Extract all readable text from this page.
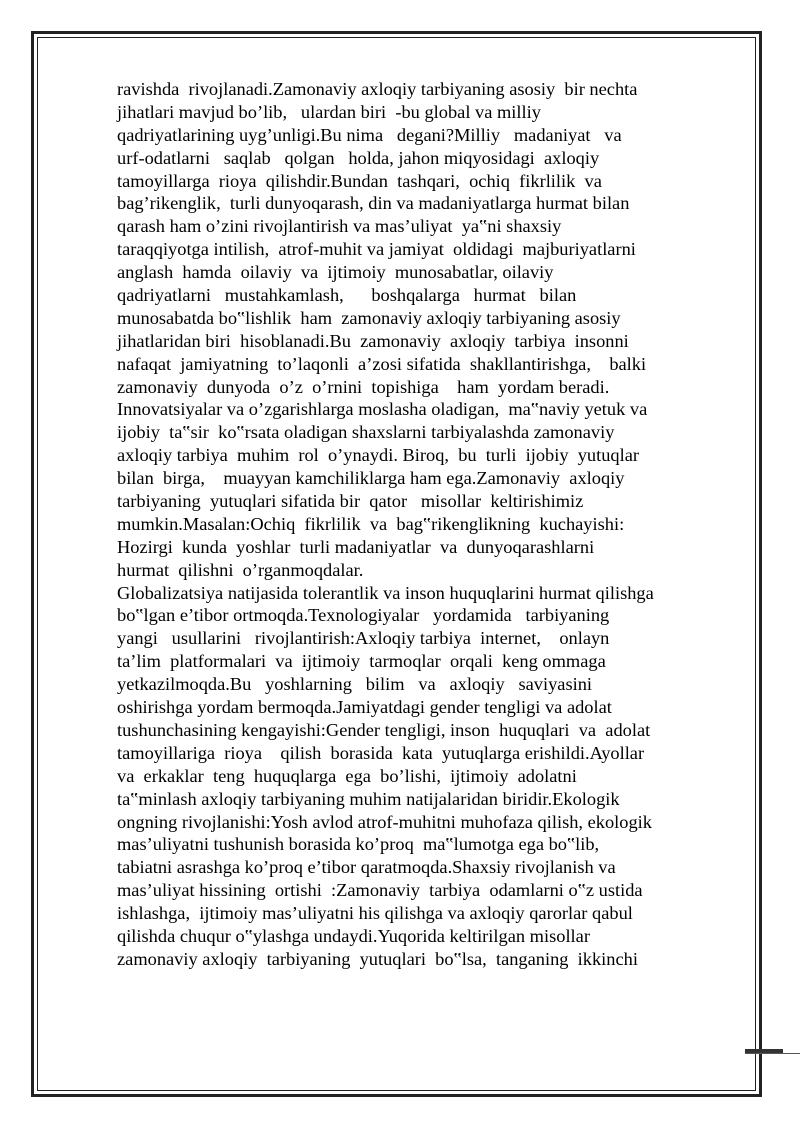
ravishda  rivojlanadi.Zamonaviy axloqiy tarbiyaning asosiy  bir nechta
jihatlari mavjud bo’lib,   ulardan biri  -bu global va milliy
qadriyatlarining uyg’unligi.Bu nima   degani?Milliy   madaniyat   va
urf-odatlarni   saqlab   qolgan   holda, jahon miqyosidagi  axloqiy
tamoyillarga  rioya  qilishdir.Bundan  tashqari,  ochiq  fikrlilik  va
bag’rikenglik,  turli dunyoqarash, din va madaniyatlarga hurmat bilan
qarash ham o’zini rivojlantirish va mas’uliyat  ya‟ni shaxsiy
taraqqiyotga intilish,  atrof-muhit va jamiyat  oldidagi  majburiyatlarni
anglash  hamda  oilaviy  va  ijtimoiy  munosabatlar, oilaviy
qadriyatlarni   mustahkamlash,      boshqalarga   hurmat   bilan
munosabatda bo‟lishlik  ham  zamonaviy axloqiy tarbiyaning asosiy
jihatlaridan biri  hisoblanadi.Bu  zamonaviy  axloqiy  tarbiya  insonni
nafaqat  jamiyatning  to’laqonli  a’zosi sifatida  shakllantirishga,    balki
zamonaviy  dunyoda  o’z  o’rnini  topishiga    ham  yordam beradi.
Innovatsiyalar va o’zgarishlarga moslasha oladigan,  ma‟naviy yetuk va
ijobiy  ta‟sir  ko‟rsata oladigan shaxslarni tarbiyalashda zamonaviy
axloqiy tarbiya  muhim  rol  o’ynaydi. Biroq,  bu  turli  ijobiy  yutuqlar
bilan  birga,    muayyan kamchiliklarga ham ega.Zamonaviy  axloqiy
tarbiyaning  yutuqlari sifatida bir  qator   misollar  keltirishimiz
mumkin.Masalan:Ochiq  fikrlilik  va  bag‟rikenglikning  kuchayishi:
Hozirgi  kunda  yoshlar  turli madaniyatlar  va  dunyoqarashlarni
hurmat  qilishni  o’rganmoqdalar.
Globalizatsiya natijasida tolerantlik va inson huquqlarini hurmat qilishga
bo‟lgan e’tibor ortmoqda.Texnologiyalar   yordamida   tarbiyaning
yangi   usullarini   rivojlantirish:Axloqiy tarbiya  internet,    onlayn
ta’lim  platformalari  va  ijtimoiy  tarmoqlar  orqali  keng ommaga
yetkazilmoqda.Bu   yoshlarning   bilim   va   axloqiy   saviyasini
oshirishga yordam bermoqda.Jamiyatdagi gender tengligi va adolat
tushunchasining kengayishi:Gender tengligi, inson  huquqlari  va  adolat
tamoyillariga  rioya    qilish  borasida  kata  yutuqlarga erishildi.Ayollar
va  erkaklar  teng  huquqlarga  ega  bo’lishi,  ijtimoiy  adolatni
ta‟minlash axloqiy tarbiyaning muhim natijalaridan biridir.Ekologik
ongning rivojlanishi:Yosh avlod atrof-muhitni muhofaza qilish, ekologik
mas’uliyatni tushunish borasida ko’proq  ma‟lumotga ega bo‟lib,
tabiatni asrashga ko’proq e’tibor qaratmoqda.Shaxsiy rivojlanish va
mas’uliyat hissining  ortishi  :Zamonaviy  tarbiya  odamlarni o‟z ustida
ishlashga,  ijtimoiy mas’uliyatni his qilishga va axloqiy qarorlar qabul
qilishda chuqur o‟ylashga undaydi.Yuqorida keltirilgan misollar
zamonaviy axloqiy  tarbiyaning  yutuqlari  bo‟lsa,  tanganing  ikkinchi
